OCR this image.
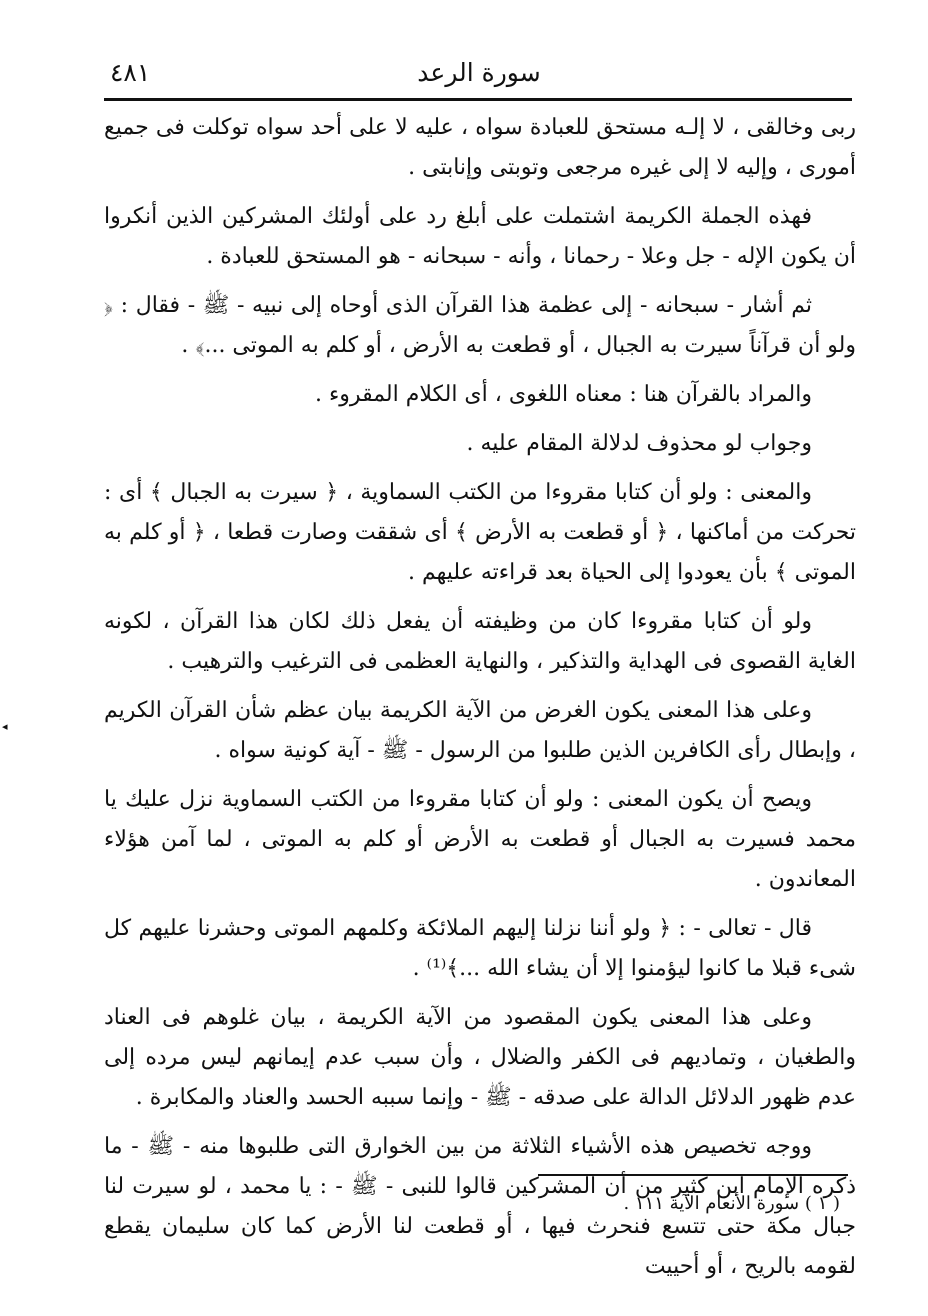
٤٨١	سورة الرعد

ربى وخالقى ، لا إلـه مستحق للعبادة سواه ، عليه لا على أحد سواه توكلت فى جميع أمورى ، وإليه لا إلى غيره مرجعى وتوبتى وإنابتى .

فهذه الجملة الكريمة اشتملت على أبلغ رد على أولئك المشركين الذين أنكروا أن يكون الإله - جل وعلا - رحمانا ، وأنه - سبحانه - هو المستحق للعبادة .

ثم أشار - سبحانه - إلى عظمة هذا القرآن الذى أوحاه إلى نبيه - ﷺ - فقال : ﴿ ولو أن قرآناً سيرت به الجبال ، أو قطعت به الأرض ، أو كلم به الموتى ...﴾ .

والمراد بالقرآن هنا : معناه اللغوى ، أى الكلام المقروء .

وجواب لو محذوف لدلالة المقام عليه .

والمعنى : ولو أن كتابا مقروءا من الكتب السماوية ، ﴿ سيرت به الجبال ﴾ أى : تحركت من أماكنها ، ﴿ أو قطعت به الأرض ﴾ أى شققت وصارت قطعا ، ﴿ أو كلم به الموتى ﴾ بأن يعودوا إلى الحياة بعد قراءته عليهم .

ولو أن كتابا مقروءا كان من وظيفته أن يفعل ذلك لكان هذا القرآن ، لكونه الغاية القصوى فى الهداية والتذكير ، والنهاية العظمى فى الترغيب والترهيب .

وعلى هذا المعنى يكون الغرض من الآية الكريمة بيان عظم شأن القرآن الكريم ، وإبطال رأى الكافرين الذين طلبوا من الرسول - ﷺ - آية كونية سواه .

ويصح أن يكون المعنى : ولو أن كتابا مقروءا من الكتب السماوية نزل عليك يا محمد فسيرت به الجبال أو قطعت به الأرض أو كلم به الموتى ، لما آمن هؤلاء المعاندون .

قال - تعالى - : ﴿ ولو أننا نزلنا إليهم الملائكة وكلمهم الموتى وحشرنا عليهم كل شىء قبلا ما كانوا ليؤمنوا إلا أن يشاء الله ...﴾⁽¹⁾ .

وعلى هذا المعنى يكون المقصود من الآية الكريمة ، بيان غلوهم فى العناد والطغيان ، وتماديهم فى الكفر والضلال ، وأن سبب عدم إيمانهم ليس مرده إلى عدم ظهور الدلائل الدالة على صدقه - ﷺ - وإنما سببه الحسد والعناد والمكابرة .

ووجه تخصيص هذه الأشياء الثلاثة من بين الخوارق التى طلبوها منه - ﷺ - ما ذكره الإمام ابن كثير من أن المشركين قالوا للنبى - ﷺ - : يا محمد ، لو سيرت لنا جبال مكة حتى تتسع فنحرث فيها ، أو قطعت لنا الأرض كما كان سليمان يقطع لقومه بالريح ، أو أحييت

( ١ ) سورة الأنعام الآية ١١١ .
◂
